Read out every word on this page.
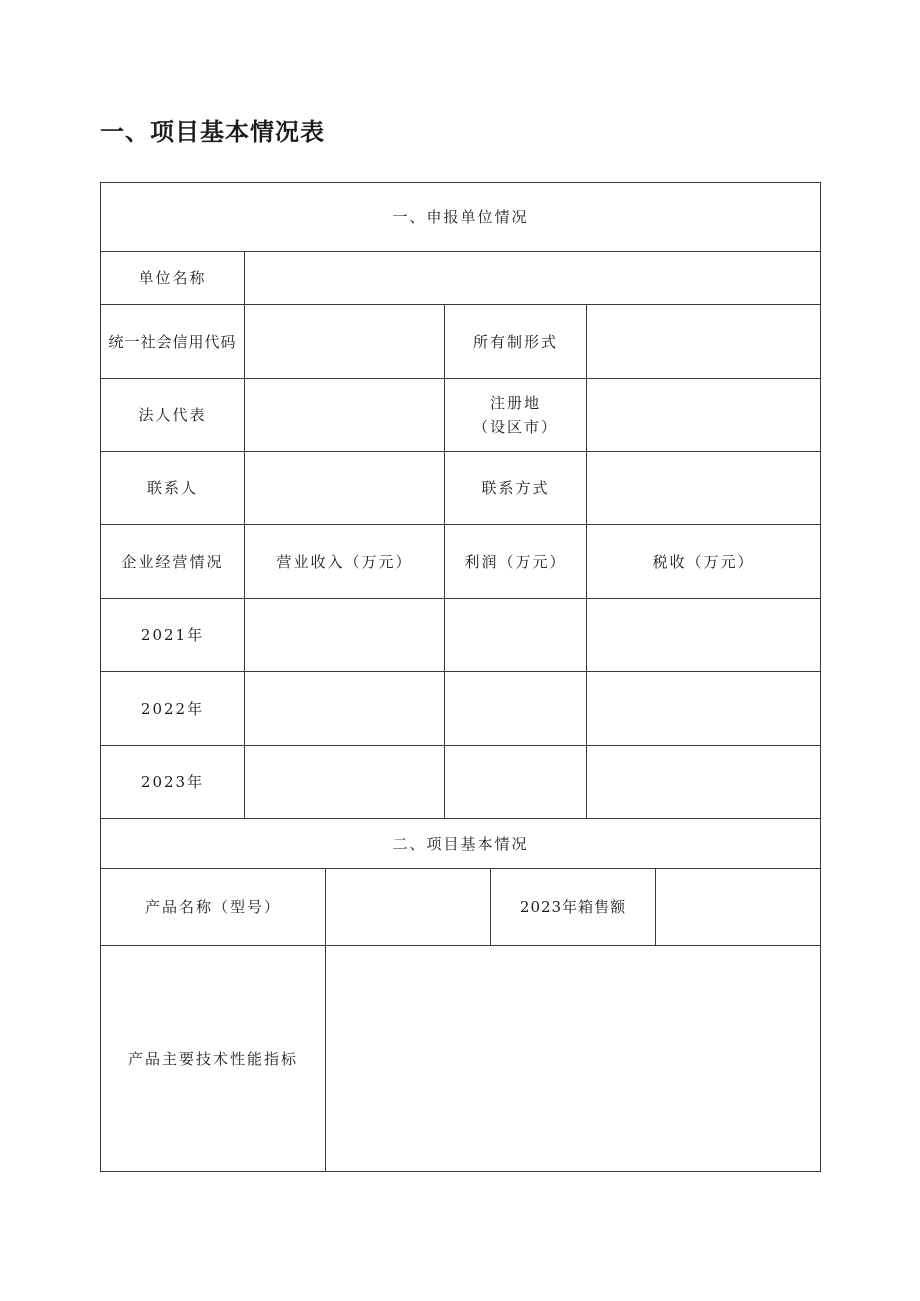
一、项目基本情况表
一、申报单位情况						
单位名称						
统一社会信用代码			所有制形式			
法人代表			注册地
（设区市）			

联系人			联系方式			
企业经营情况	营业收入（万元）		利润（万元）		税收（万元）	
2021年						
2022年						
2023年						
二、项目基本情况						
产品名称（型号）				2023年箱售额		
产品主要技术性能指标						
